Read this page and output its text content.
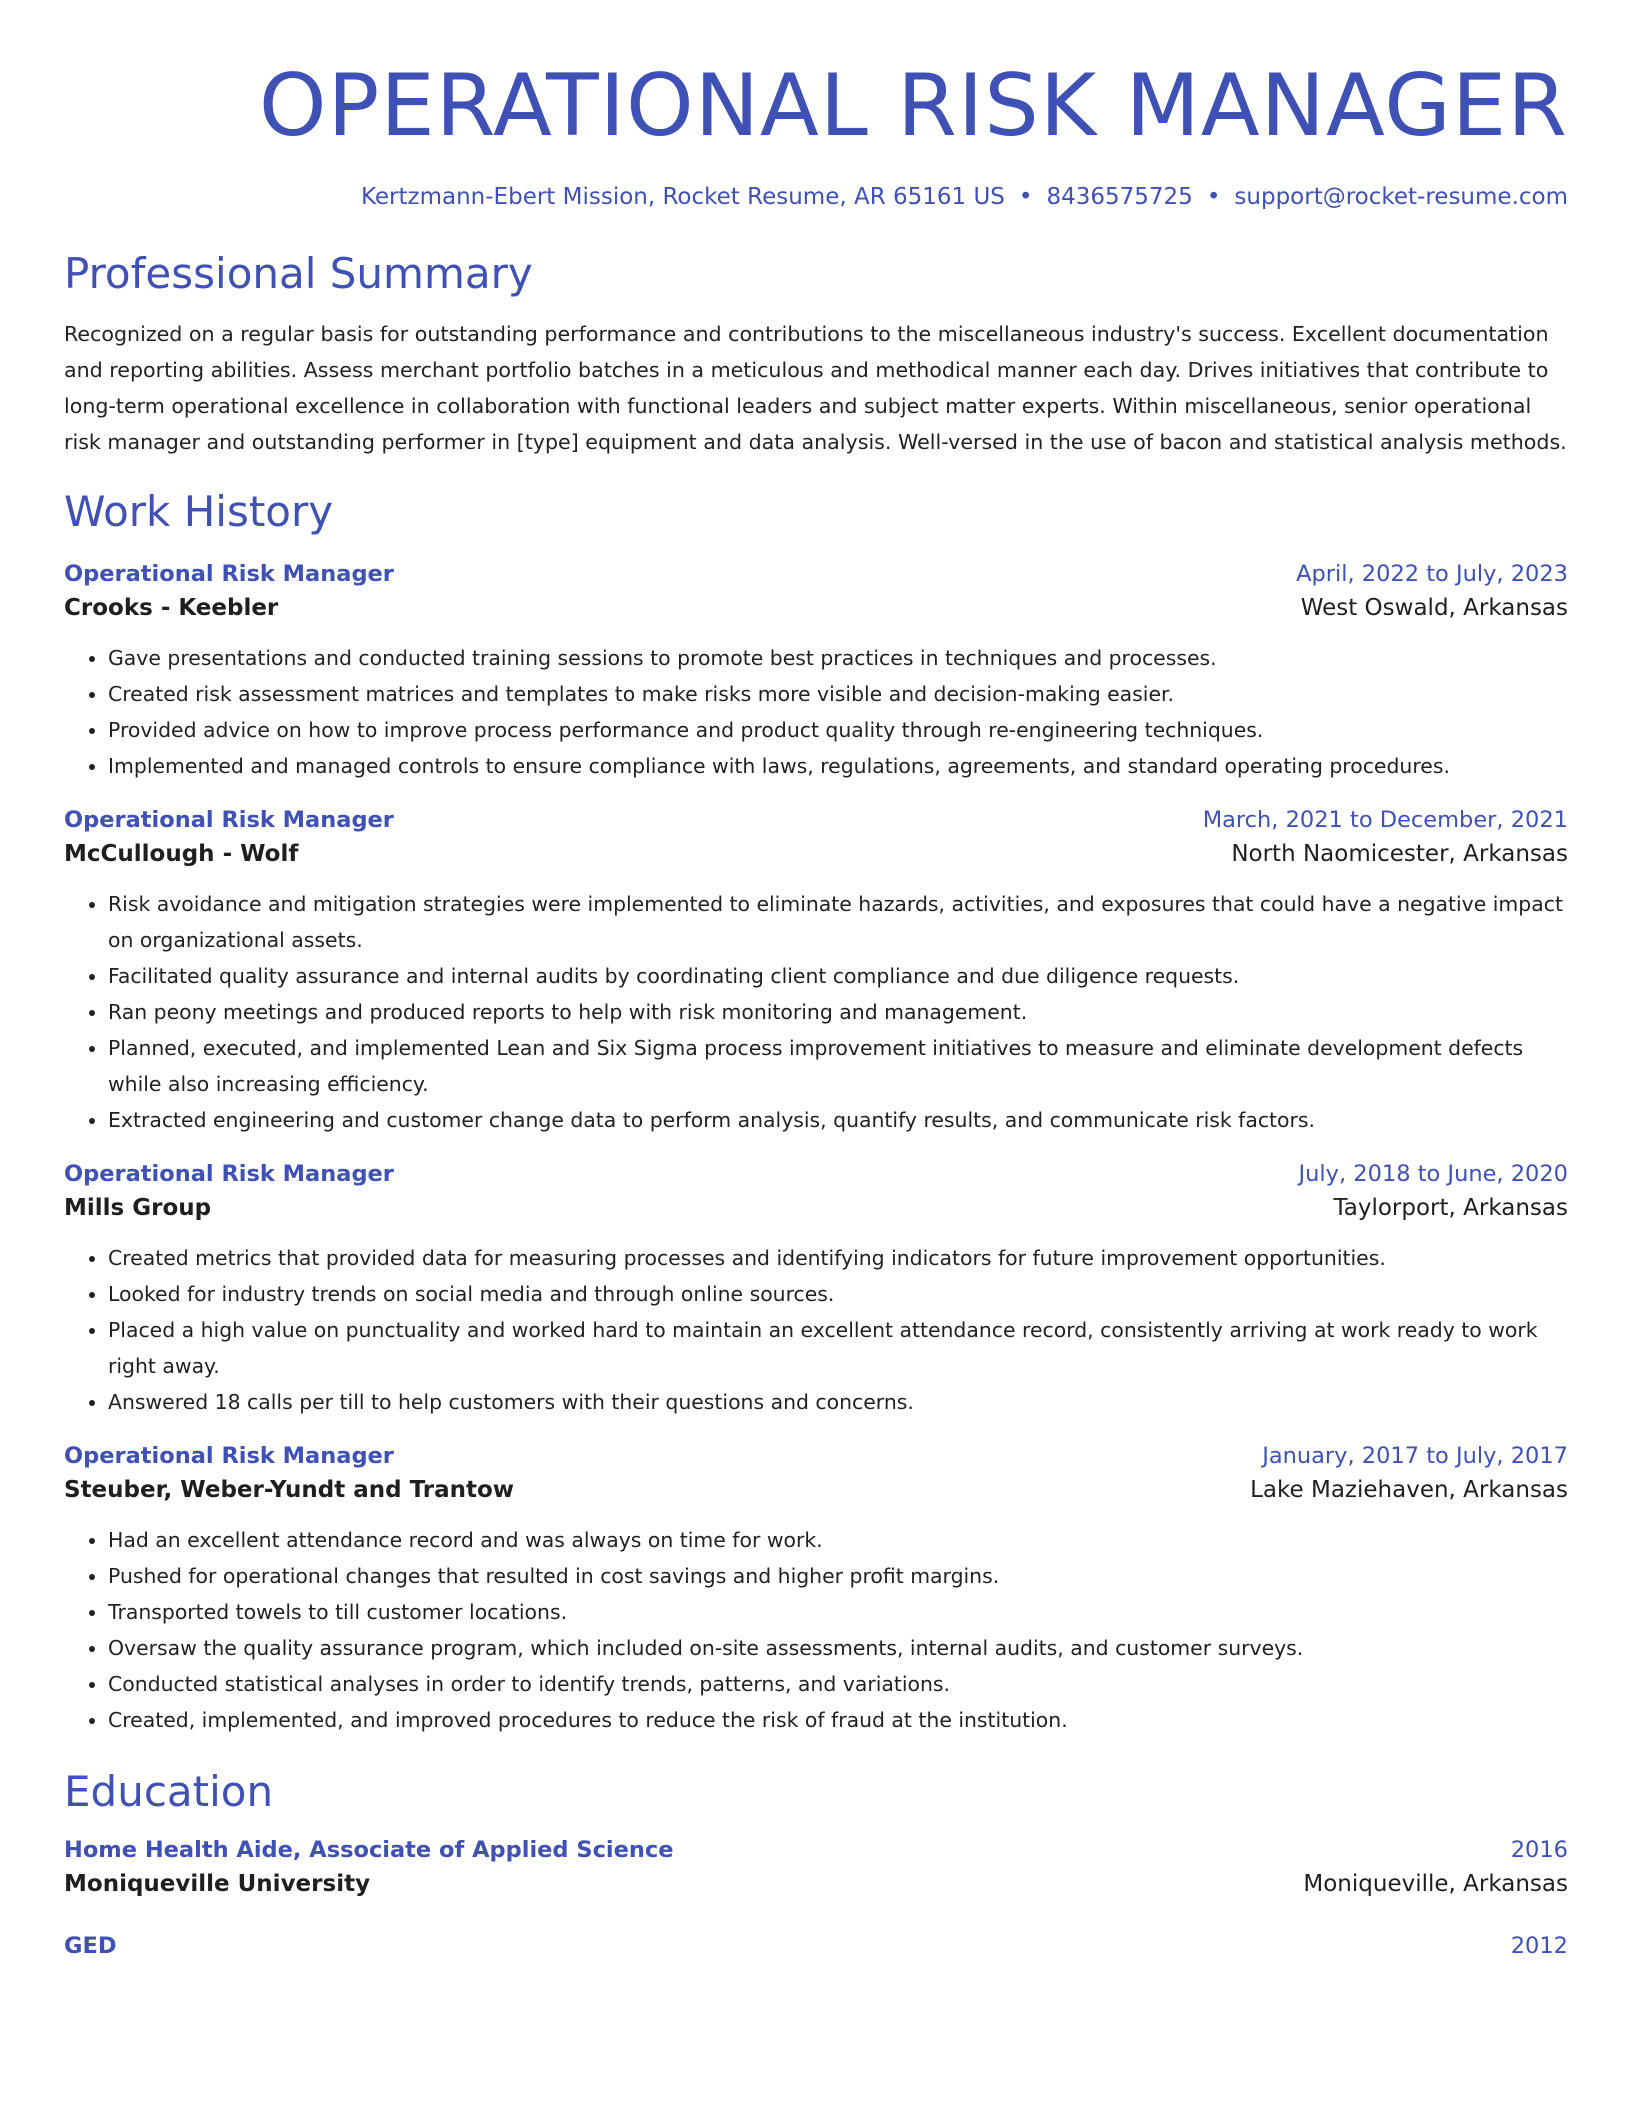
OPERATIONAL RISK MANAGER
Kertzmann-Ebert Mission, Rocket Resume, AR 65161 US • 8436575725 • support@rocket-resume.com
Professional Summary
Recognized on a regular basis for outstanding performance and contributions to the miscellaneous industry's success. Excellent documentation and reporting abilities. Assess merchant portfolio batches in a meticulous and methodical manner each day. Drives initiatives that contribute to long-term operational excellence in collaboration with functional leaders and subject matter experts. Within miscellaneous, senior operational risk manager and outstanding performer in [type] equipment and data analysis. Well-versed in the use of bacon and statistical analysis methods.
Work History
Operational Risk Manager	April, 2022 to July, 2023
Crooks - Keebler	West Oswald, Arkansas
• Gave presentations and conducted training sessions to promote best practices in techniques and processes.
• Created risk assessment matrices and templates to make risks more visible and decision-making easier.
• Provided advice on how to improve process performance and product quality through re-engineering techniques.
• Implemented and managed controls to ensure compliance with laws, regulations, agreements, and standard operating procedures.
Operational Risk Manager	March, 2021 to December, 2021
McCullough - Wolf	North Naomicester, Arkansas
• Risk avoidance and mitigation strategies were implemented to eliminate hazards, activities, and exposures that could have a negative impact on organizational assets.
• Facilitated quality assurance and internal audits by coordinating client compliance and due diligence requests.
• Ran peony meetings and produced reports to help with risk monitoring and management.
• Planned, executed, and implemented Lean and Six Sigma process improvement initiatives to measure and eliminate development defects while also increasing efficiency.
• Extracted engineering and customer change data to perform analysis, quantify results, and communicate risk factors.
Operational Risk Manager	July, 2018 to June, 2020
Mills Group	Taylorport, Arkansas
• Created metrics that provided data for measuring processes and identifying indicators for future improvement opportunities.
• Looked for industry trends on social media and through online sources.
• Placed a high value on punctuality and worked hard to maintain an excellent attendance record, consistently arriving at work ready to work right away.
• Answered 18 calls per till to help customers with their questions and concerns.
Operational Risk Manager	January, 2017 to July, 2017
Steuber, Weber-Yundt and Trantow	Lake Maziehaven, Arkansas
• Had an excellent attendance record and was always on time for work.
• Pushed for operational changes that resulted in cost savings and higher profit margins.
• Transported towels to till customer locations.
• Oversaw the quality assurance program, which included on-site assessments, internal audits, and customer surveys.
• Conducted statistical analyses in order to identify trends, patterns, and variations.
• Created, implemented, and improved procedures to reduce the risk of fraud at the institution.
Education
Home Health Aide, Associate of Applied Science	2016
Moniqueville University	Moniqueville, Arkansas
GED	2012
